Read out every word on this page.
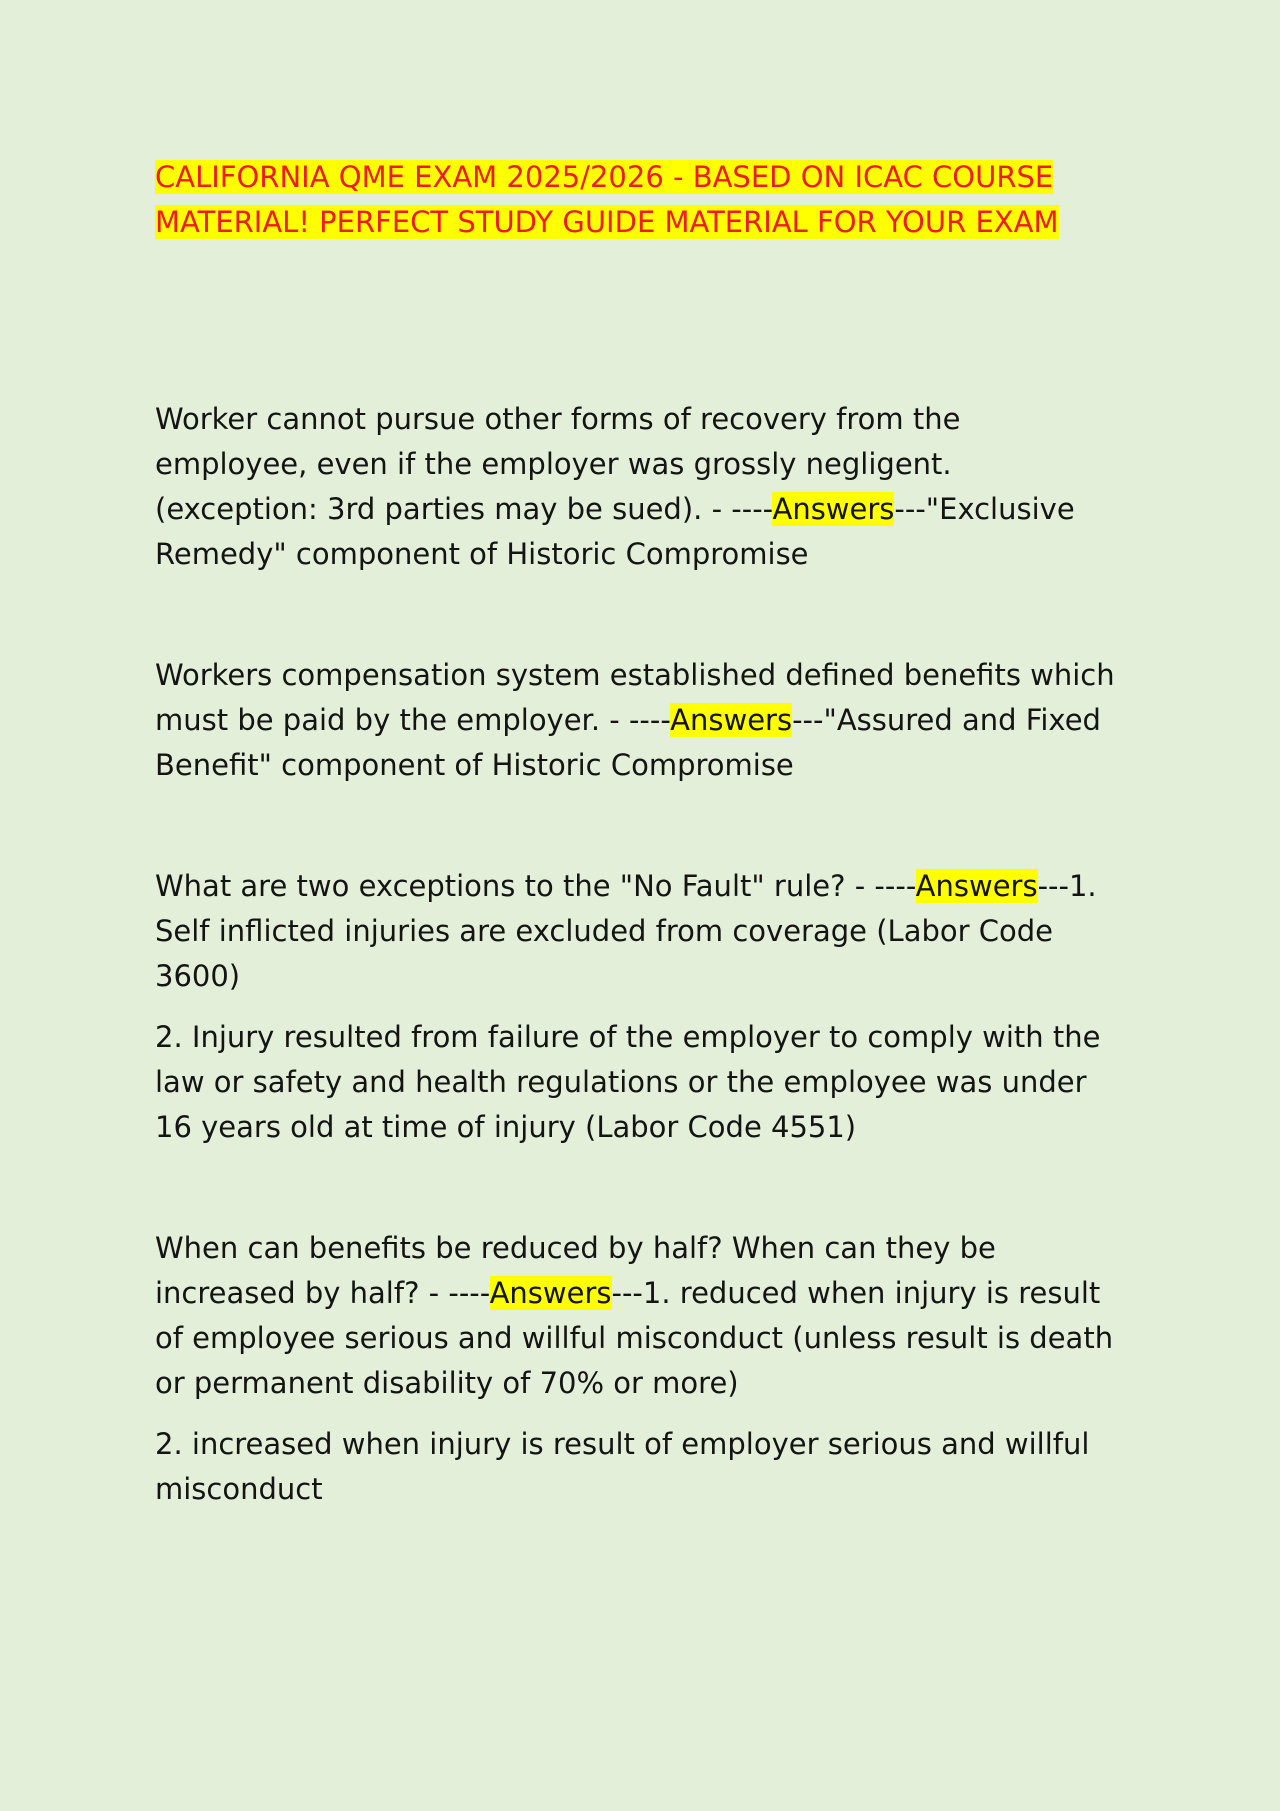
CALIFORNIA QME EXAM 2025/2026 - BASED ON ICAC COURSE MATERIAL! PERFECT STUDY GUIDE MATERIAL FOR YOUR EXAM

Worker cannot pursue other forms of recovery from the employee, even if the employer was grossly negligent. (exception: 3rd parties may be sued). - ----Answers---"Exclusive Remedy" component of Historic Compromise

Workers compensation system established defined benefits which must be paid by the employer. - ----Answers---"Assured and Fixed Benefit" component of Historic Compromise

What are two exceptions to the "No Fault" rule? - ----Answers---1. Self inflicted injuries are excluded from coverage (Labor Code 3600)

2. Injury resulted from failure of the employer to comply with the law or safety and health regulations or the employee was under 16 years old at time of injury (Labor Code 4551)

When can benefits be reduced by half? When can they be increased by half? - ----Answers---1. reduced when injury is result of employee serious and willful misconduct (unless result is death or permanent disability of 70% or more)

2. increased when injury is result of employer serious and willful misconduct
